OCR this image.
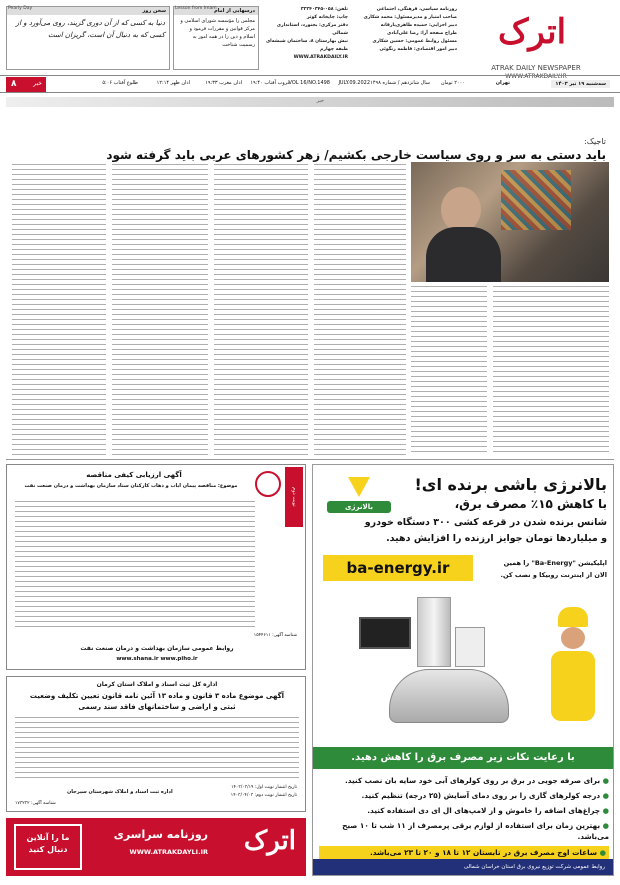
اترک
ATRAK DAILY NEWSPAPER
WWW.ATRAKDAILY.IR
روزنامه سیاسی، فرهنگی، اجتماعی
صاحب امتیاز و مدیرمسئول: محمد شکاری
دبیر اجرایی: حمیده طاهری‌پارفانه
طراح صفحه آرا: رضا علی‌آبادی
مسئول روابط عمومی: حسین شکاری
دبیر امور اقتصادی: فاطمه زنگوئی
تلفن: ۰۵۸-۳۲۲۴۰۳۴۵
چاپ: چاپخانه کوثر
دفتر مرکزی: بجنورد، استانداری شمالی
نبش بهارستان ۸، ساختمان شیشه‌ای طبقه چهارم
WWW.ATRAKDAILY.IR
درسهایی از امام
مجلس را مؤسسه شورای اسلامی و مرکز قوانین و مقررات فرمود و اسلام و دین را در همه امور به رسمیت شناخت
Lesson from Imam
سخن روز
دنیا به کسی که از آن دوری گزیند، روی می‌آورد و از کسی که به دنبال آن است، گریزان است
Pearly Day
سه‌شنبه ۱۹ تیر ۱۴۰۳
تهران
سال شانزدهم / شماره ۱۴۹۸ ۲۰۰۰ تومان
VOL 16/NO.1498 JULY.09.2022
غروب آفتاب ۱۹:۴۰
اذان مغرب ۱۹:۳۳
اذان ظهر ۱۲:۱۴
طلوع آفتاب ۵:۰۶
۸	خبر
خبر
تاجیک:
باید دستی به سر و روی سیاست خارجی بکشیم/ زهر کشورهای عربی باید گرفته شود
بالانرژی باشی برنده ای!
با کاهش ۱۵٪ مصرف برق،
شانس برنده شدن در قرعه کشی ۳۰۰ دستگاه خودرو
و میلیاردها تومان جوایز ارزنده را افزایش دهید.
بالانرژی
ba-energy.ir	اپلیکیشن "Ba-Energy" را همین
الان از اینترنت روبیکا و نصب کن.
با رعایت نکات زیر مصرف برق را کاهش دهید.
● برای صرفه جویی در برق بر روی کولرهای آبی خود سایه بان نصب کنید.
● درجه کولرهای گازی را بر روی دمای آسایش (۲۵ درجه) تنظیم کنید.
● چراغ‌های اضافه را خاموش و از لامپ‌های ال ای دی استفاده کنید.
● بهترین زمان برای استفاده از لوازم برقی پرمصرف از ۱۱ شب تا ۱۰ صبح می‌باشد.
● ساعات اوج مصرف برق در تابستان ۱۲ تا ۱۸ و ۲۰ تا ۲۳ می‌باشد.
روابط عمومی شرکت توزیع نیروی برق استان خراسان شمالی
نوبت دوم
آگهی ارزیابی کیفی مناقصه
موضوع: مناقصه پیمان ایاب و ذهاب کارکنان ستاد سازمان بهداشت و درمان صنعت نفت
شناسه آگهی: ۱۵۴۴۶۱۱
روابط عمومی سازمان بهداشت و درمان صنعت نفت
www.shana.ir www.piho.ir
اداره کل ثبت اسناد و املاک استان کرمان
آگهی موضوع ماده ۳ قانون و ماده ۱۳ آئین نامه قانون تعیین تکلیف وضعیت ثبتی و اراضی و ساختمانهای فاقد سند رسمی
تاریخ انتشار نوبت اول: ۱۴۰۳/۰۳/۱۹
تاریخ انتشار نوبت دوم: ۱۴۰۳/۰۴/۰۳
اداره ثبت اسناد و املاک شهرستان سیرجان
شناسه آگهی: ۱۷۳۲۳۲
اترک
روزنامه سراسری
WWW.ATRAKDAYLI.IR
ما را آنلاین
دنبال کنید
